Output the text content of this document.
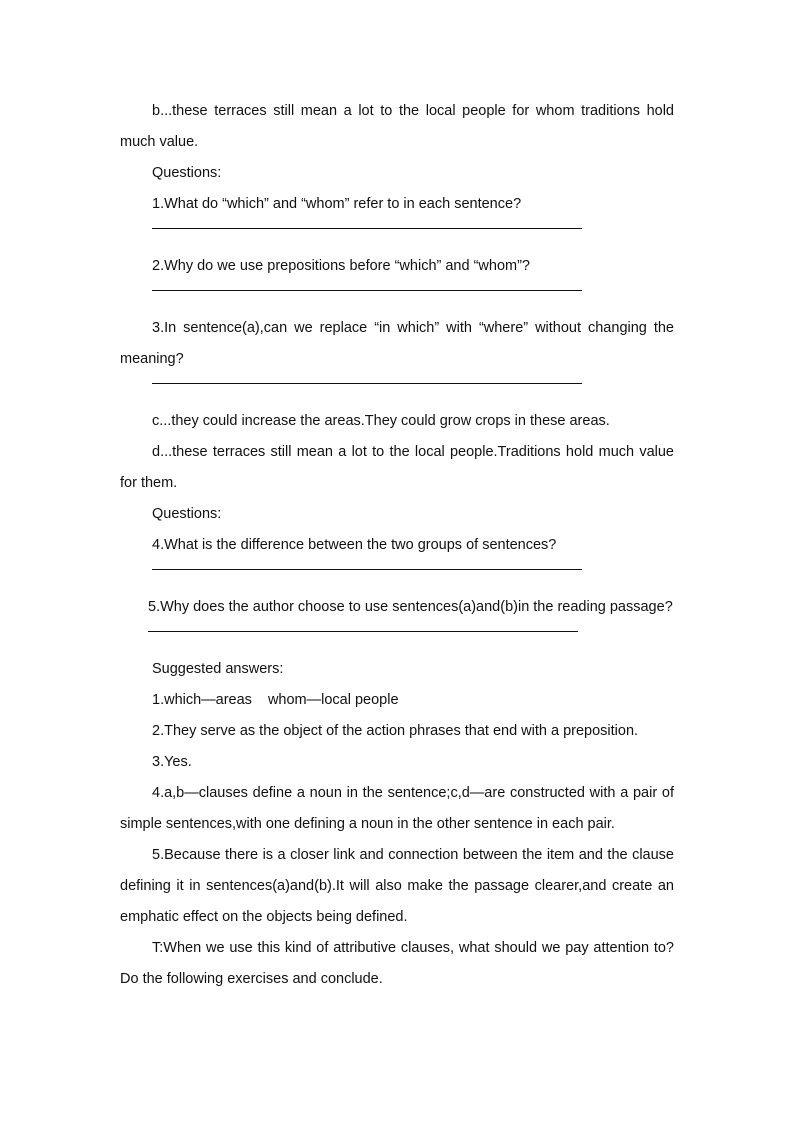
b...these terraces still mean a lot to the local people for whom traditions hold much value.

Questions:

1.What do “which” and “whom” refer to in each sentence?

2.Why do we use prepositions before “which” and “whom”?

3.In sentence(a),can we replace “in which” with “where” without changing the meaning?

c...they could increase the areas.They could grow crops in these areas.

d...these terraces still mean a lot to the local people.Traditions hold much value for them.

Questions:

4.What is the difference between the two groups of sentences?

5.Why does the author choose to use sentences(a)and(b)in the reading passage?

Suggested answers:

1.which—areas whom—local people

2.They serve as the object of the action phrases that end with a preposition.

3.Yes.

4.a,b—clauses define a noun in the sentence;c,d—are constructed with a pair of simple sentences,with one defining a noun in the other sentence in each pair.

5.Because there is a closer link and connection between the item and the clause defining it in sentences(a)and(b).It will also make the passage clearer,and create an emphatic effect on the objects being defined.

T:When we use this kind of attributive clauses, what should we pay attention to?Do the following exercises and conclude.
